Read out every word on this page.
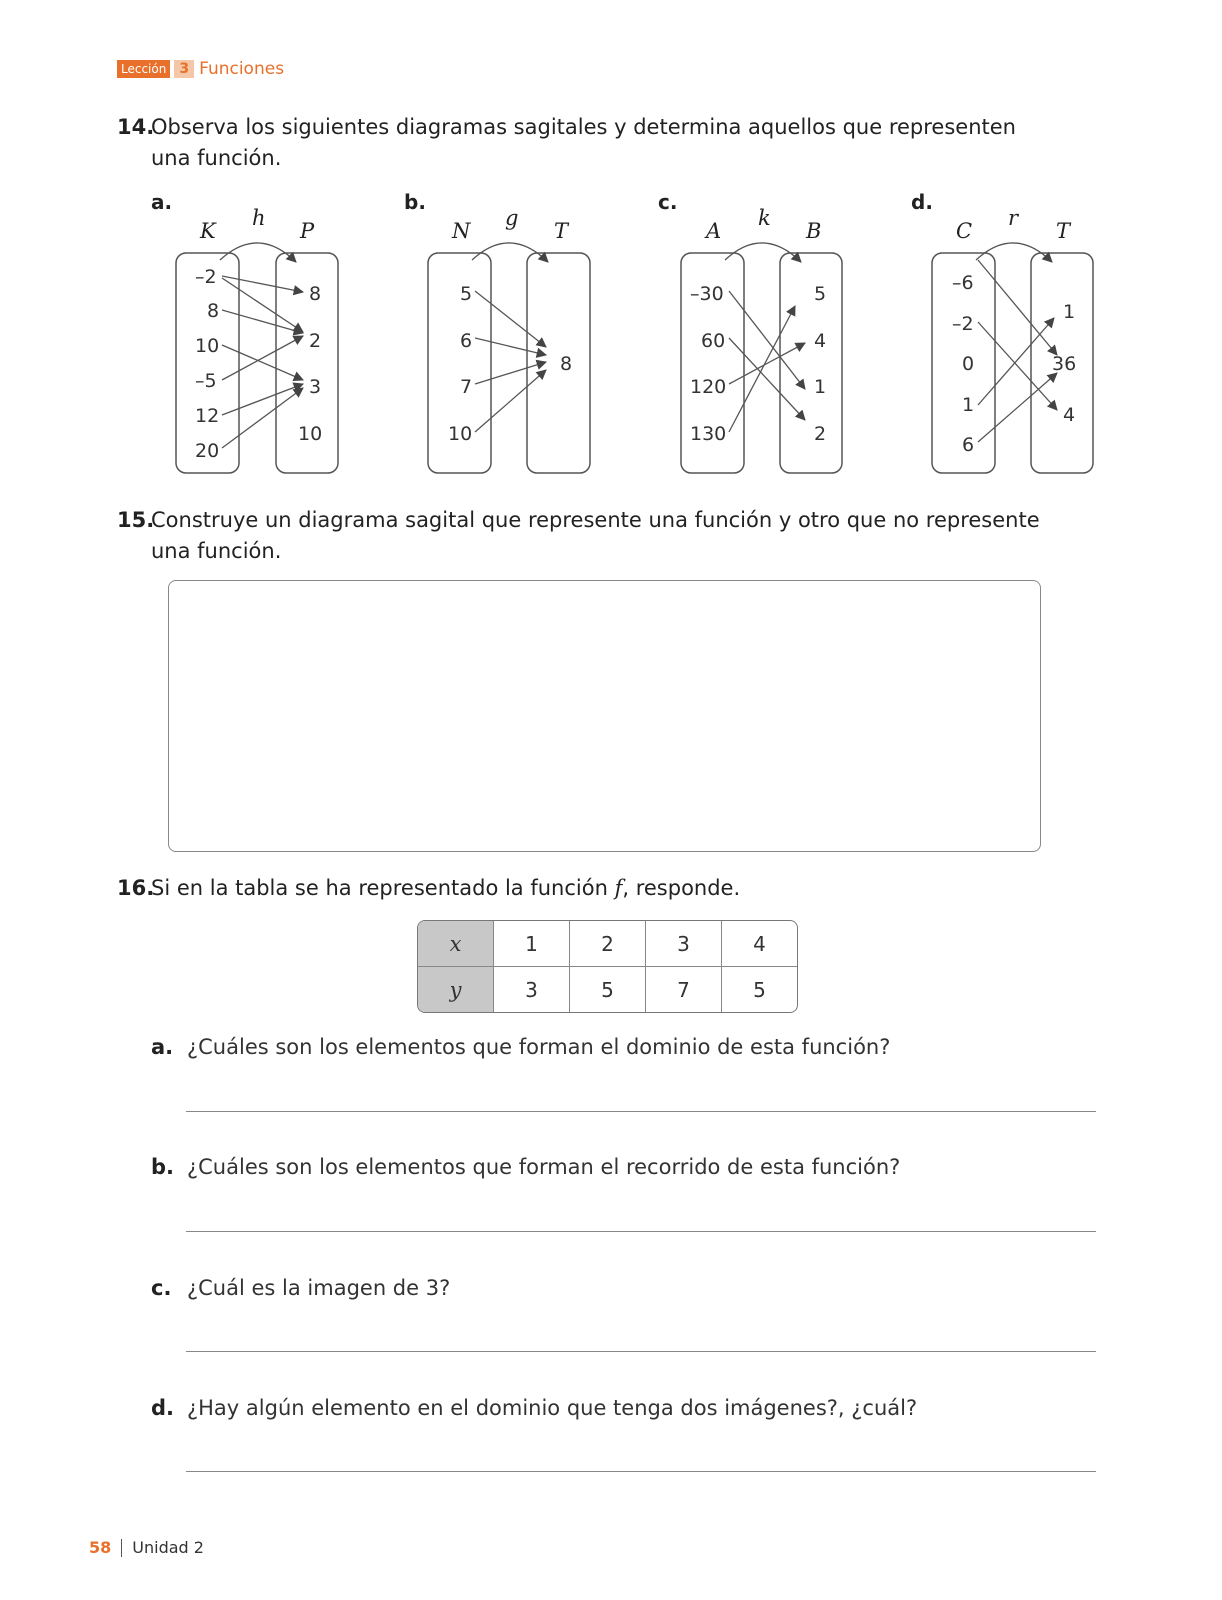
Lección 3 Funciones
14.Observa los siguientes diagramas sagitales y determina aquellos que representen
una función.
a.	b.	c.	d.
K
h
P	N
g
T	A
k
B	C
r
T
–2
8
10
–5
12
20
8
2
3
10
5
6
7
10
8
–30
60
120
130
5
4
1
2
–6
–2
0
1
6
1
36
4
15.Construye un diagrama sagital que represente una función y otro que no represente
una función.
16.Si en la tabla se ha representado la función f, responde.
x	1	2	3	4
y	3	5	7	5
a. ¿Cuáles son los elementos que forman el dominio de esta función?
b. ¿Cuáles son los elementos que forman el recorrido de esta función?
c. ¿Cuál es la imagen de 3?
d. ¿Hay algún elemento en el dominio que tenga dos imágenes?, ¿cuál?
58 Unidad 2
